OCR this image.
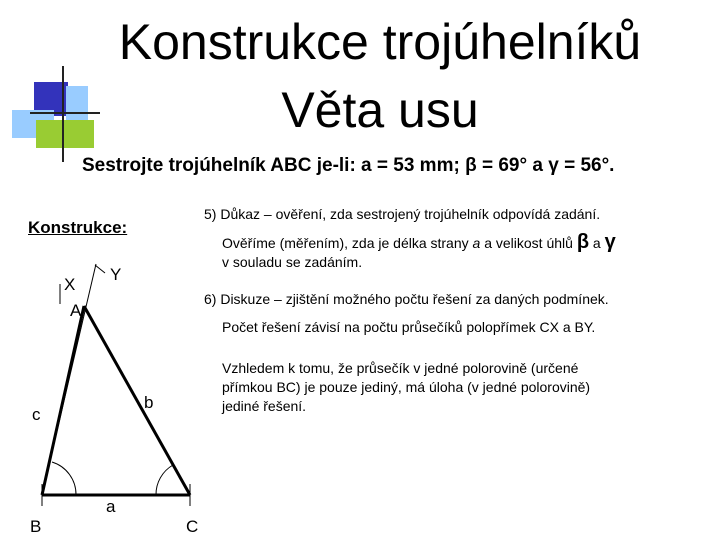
Konstrukce trojúhelníků
Věta usu
Sestrojte trojúhelník ABC je-li: a = 53 mm; β = 69° a γ = 56°.
Konstrukce:
X
Y
A
B	C
a
b
c
5) Důkaz – ověření, zda sestrojený trojúhelník odpovídá zadání.
Ověříme (měřením), zda je délka strany a a velikost úhlů β a γ
v souladu se zadáním.
6) Diskuze – zjištění možného počtu řešení za daných podmínek.
Počet řešení závisí na počtu průsečíků polopřímek CX a BY.
Vzhledem k tomu, že průsečík v jedné polorovině (určené
přímkou BC) je pouze jediný, má úloha (v jedné polorovině)
jediné řešení.
